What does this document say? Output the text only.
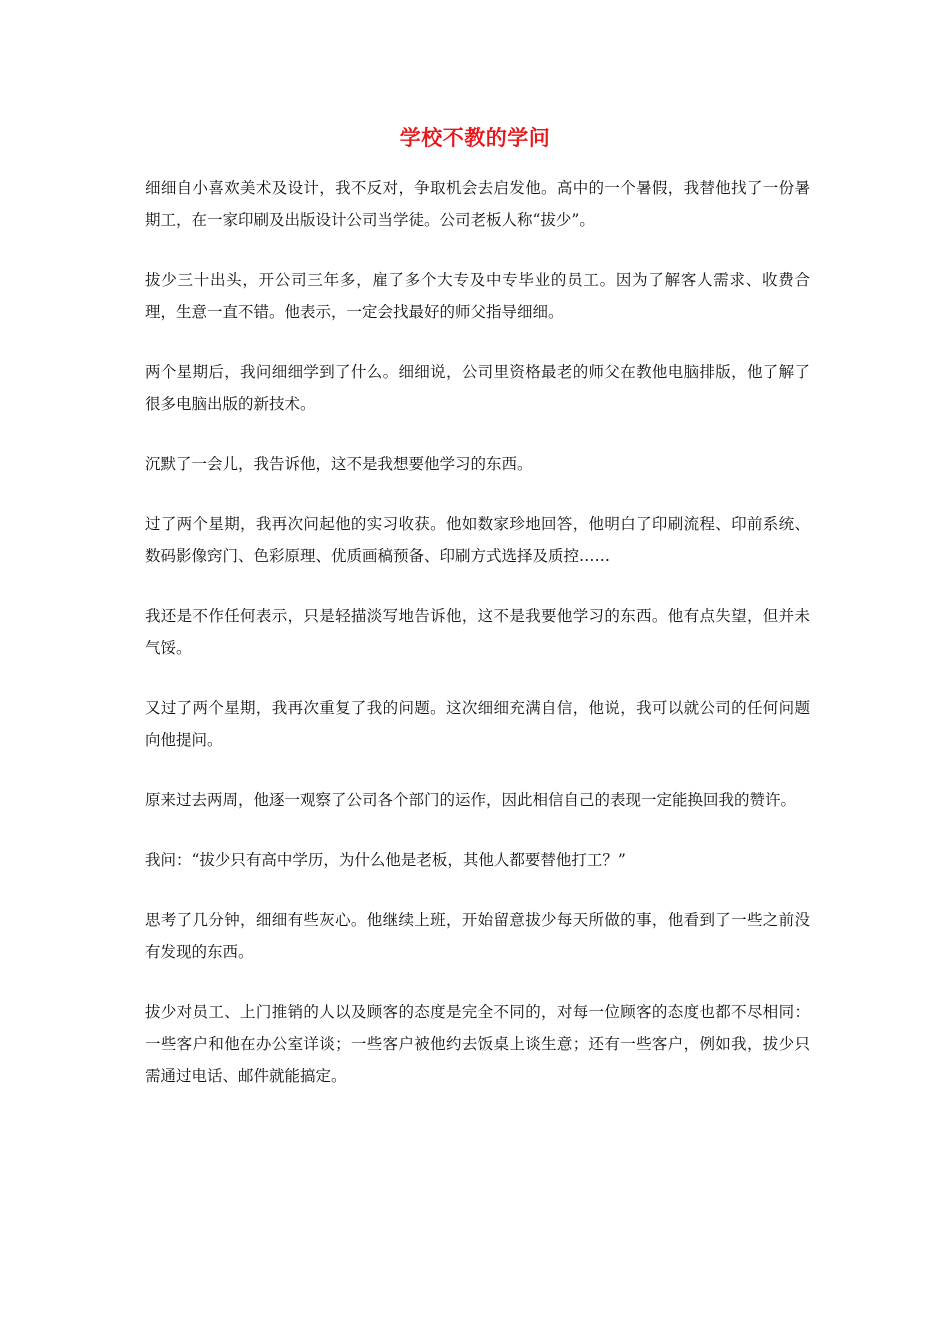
学校不教的学问

细细自小喜欢美术及设计，我不反对，争取机会去启发他。高中的一个暑假，我替他找了一份暑期工，在一家印刷及出版设计公司当学徒。公司老板人称“拔少”。

拔少三十出头，开公司三年多，雇了多个大专及中专毕业的员工。因为了解客人需求、收费合理，生意一直不错。他表示，一定会找最好的师父指导细细。

两个星期后，我问细细学到了什么。细细说，公司里资格最老的师父在教他电脑排版，他了解了很多电脑出版的新技术。

沉默了一会儿，我告诉他，这不是我想要他学习的东西。

过了两个星期，我再次问起他的实习收获。他如数家珍地回答，他明白了印刷流程、印前系统、数码影像窍门、色彩原理、优质画稿预备、印刷方式选择及质控……

我还是不作任何表示，只是轻描淡写地告诉他，这不是我要他学习的东西。他有点失望，但并未气馁。

又过了两个星期，我再次重复了我的问题。这次细细充满自信，他说，我可以就公司的任何问题向他提问。

原来过去两周，他逐一观察了公司各个部门的运作，因此相信自己的表现一定能换回我的赞许。

我问：“拔少只有高中学历，为什么他是老板，其他人都要替他打工？”

思考了几分钟，细细有些灰心。他继续上班，开始留意拔少每天所做的事，他看到了一些之前没有发现的东西。

拔少对员工、上门推销的人以及顾客的态度是完全不同的，对每一位顾客的态度也都不尽相同：一些客户和他在办公室详谈；一些客户被他约去饭桌上谈生意；还有一些客户，例如我，拔少只需通过电话、邮件就能搞定。
